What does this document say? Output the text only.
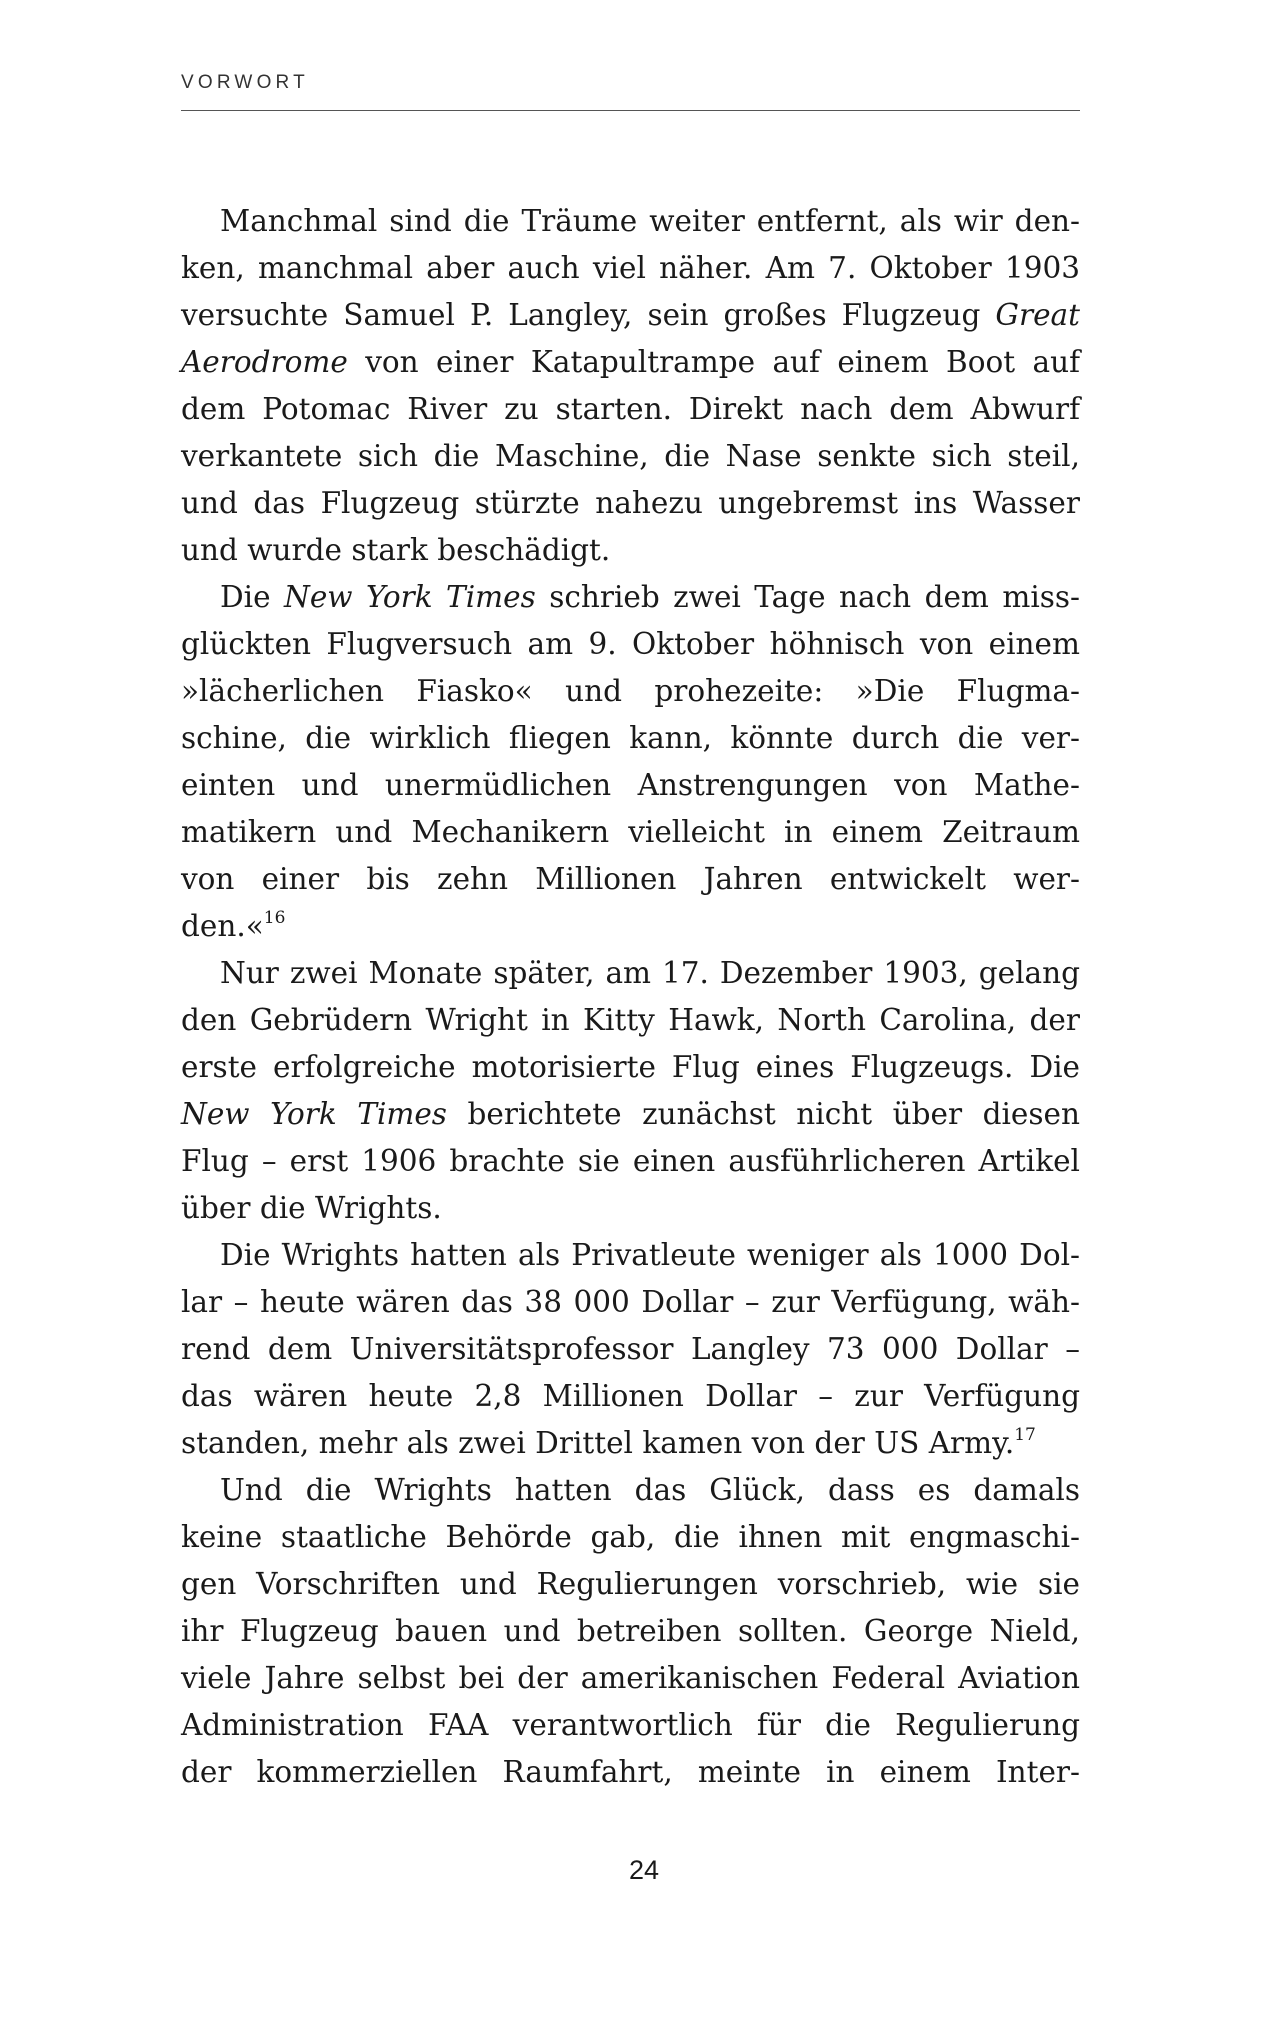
VORWORT
Manchmal sind die Träume weiter entfernt, als wir den-
ken, manchmal aber auch viel näher. Am 7. Oktober 1903
versuchte Samuel P. Langley, sein großes Flugzeug Great
Aerodrome von einer Katapultrampe auf einem Boot auf
dem Potomac River zu starten. Direkt nach dem Abwurf
verkantete sich die Maschine, die Nase senkte sich steil,
und das Flugzeug stürzte nahezu ungebremst ins Wasser
und wurde stark beschädigt.
Die New York Times schrieb zwei Tage nach dem miss-
glückten Flugversuch am 9. Oktober höhnisch von einem
»lächerlichen Fiasko« und prohezeite: »Die Flugma-
schine, die wirklich fliegen kann, könnte durch die ver-
einten und unermüdlichen Anstrengungen von Mathe-
matikern und Mechanikern vielleicht in einem Zeitraum
von einer bis zehn Millionen Jahren entwickelt wer-
den.«$^{16}$
Nur zwei Monate später, am 17. Dezember 1903, gelang
den Gebrüdern Wright in Kitty Hawk, North Carolina, der
erste erfolgreiche motorisierte Flug eines Flugzeugs. Die
New York Times berichtete zunächst nicht über diesen
Flug – erst 1906 brachte sie einen ausführlicheren Artikel
über die Wrights.
Die Wrights hatten als Privatleute weniger als 1000 Dol-
lar – heute wären das 38 000 Dollar – zur Verfügung, wäh-
rend dem Universitätsprofessor Langley 73 000 Dollar –
das wären heute 2,8 Millionen Dollar – zur Verfügung
standen, mehr als zwei Drittel kamen von der US Army.$^{17}$
Und die Wrights hatten das Glück, dass es damals
keine staatliche Behörde gab, die ihnen mit engmaschi-
gen Vorschriften und Regulierungen vorschrieb, wie sie
ihr Flugzeug bauen und betreiben sollten. George Nield,
viele Jahre selbst bei der amerikanischen Federal Aviation
Administration FAA verantwortlich für die Regulierung
der kommerziellen Raumfahrt, meinte in einem Inter-
24
